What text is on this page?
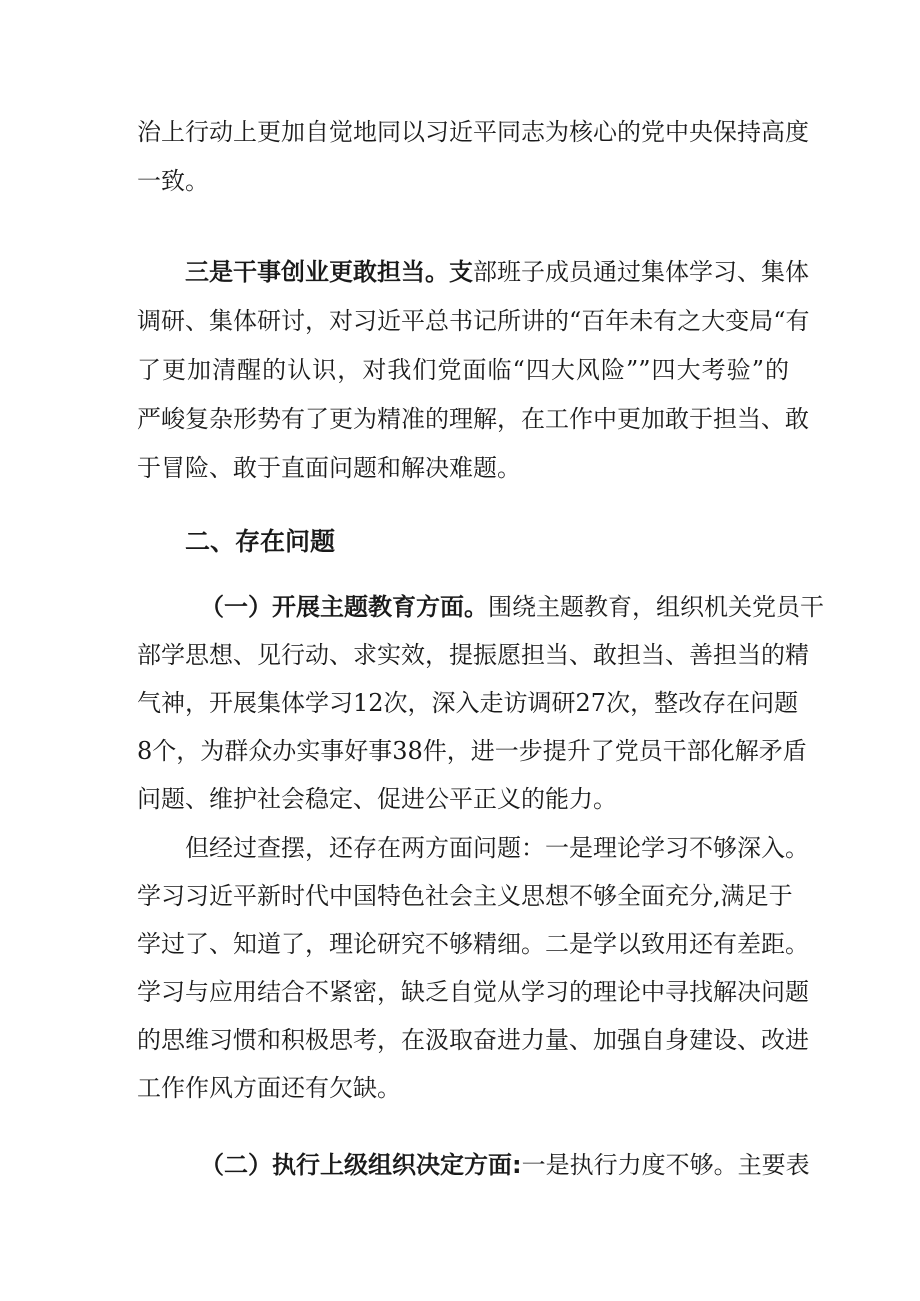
治上行动上更加自觉地同以习近平同志为核心的党中央保持高度
一致。
三是干事创业更敢担当。支部班子成员通过集体学习、集体
调研、集体研讨，对习近平总书记所讲的“百年未有之大变局“有
了更加清醒的认识，对我们党面临“四大风险””四大考验”的
严峻复杂形势有了更为精准的理解，在工作中更加敢于担当、敢
于冒险、敢于直面问题和解决难题。
二、存在问题
（一）开展主题教育方面。围绕主题教育，组织机关党员干
部学思想、见行动、求实效，提振愿担当、敢担当、善担当的精
气神，开展集体学习12次，深入走访调研27次，整改存在问题
8个，为群众办实事好事38件，进一步提升了党员干部化解矛盾
问题、维护社会稳定、促进公平正义的能力。
但经过查摆，还存在两方面问题：一是理论学习不够深入。
学习习近平新时代中国特色社会主义思想不够全面充分,满足于
学过了、知道了，理论研究不够精细。二是学以致用还有差距。
学习与应用结合不紧密，缺乏自觉从学习的理论中寻找解决问题
的思维习惯和积极思考，在汲取奋进力量、加强自身建设、改进
工作作风方面还有欠缺。
（二）执行上级组织决定方面:一是执行力度不够。主要表
